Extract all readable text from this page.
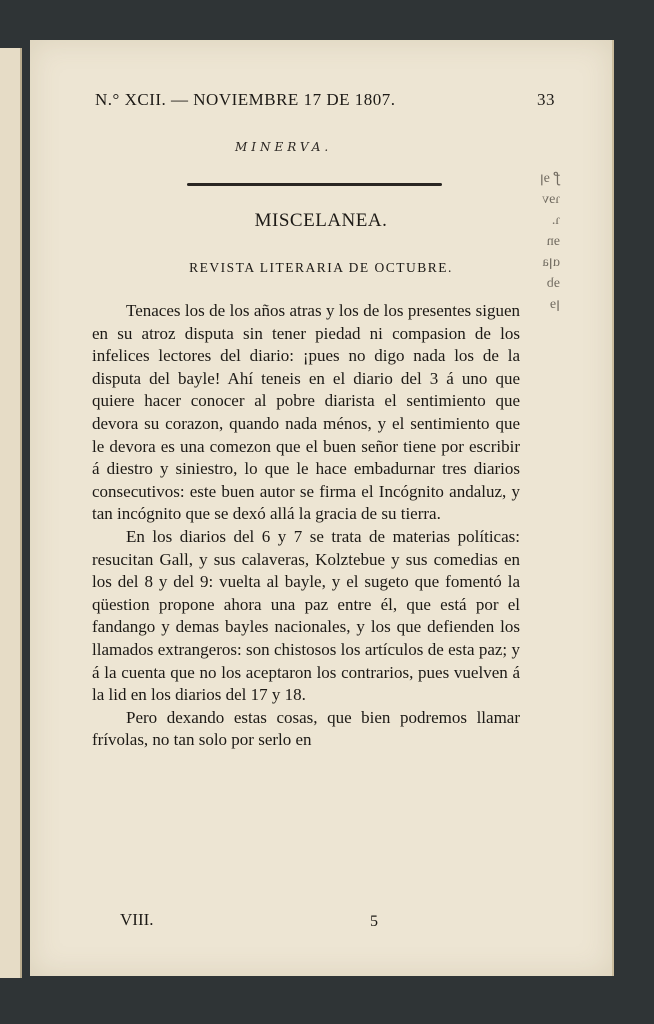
N.° XCII. — NOVIEMBRE 17 DE 1807.	33
MINERVA.
MISCELANEA.
REVISTA LITERARIA DE OCTUBRE.

Tenaces los de los años atras y los de los presentes siguen en su atroz disputa sin tener piedad ni compasion de los infelices lectores del diario: ¡pues no digo nada los de la disputa del bayle! Ahí teneis en el diario del 3 á uno que quiere hacer conocer al pobre diarista el sentimiento que devora su corazon, quando nada ménos, y el sentimiento que le devora es una comezon que el buen señor tiene por escribir á diestro y siniestro, lo que le hace embadurnar tres diarios consecutivos: este buen autor se firma el Incógnito andaluz, y tan incógnito que se dexó allá la gracia de su tierra.

En los diarios del 6 y 7 se trata de materias políticas: resucitan Gall, y sus calaveras, Kolztebue y sus comedias en los del 8 y del 9: vuelta al bayle, y el sugeto que fomentó la qüestion propone ahora una paz entre él, que está por el fandango y demas bayles nacionales, y los que defienden los llamados extrangeros: son chistosos los artículos de esta paz; y á la cuenta que no los aceptaron los contrarios, pues vuelven á la lid en los diarios del 17 y 18.

Pero dexando estas cosas, que bien podremos llamar frívolas, no tan solo por serlo en

ꝭ ɘꞁ
ɿɘv
ɿ.
ɘn
ɑꞁa
ɘb
ꞁɘ
VIII.	5
